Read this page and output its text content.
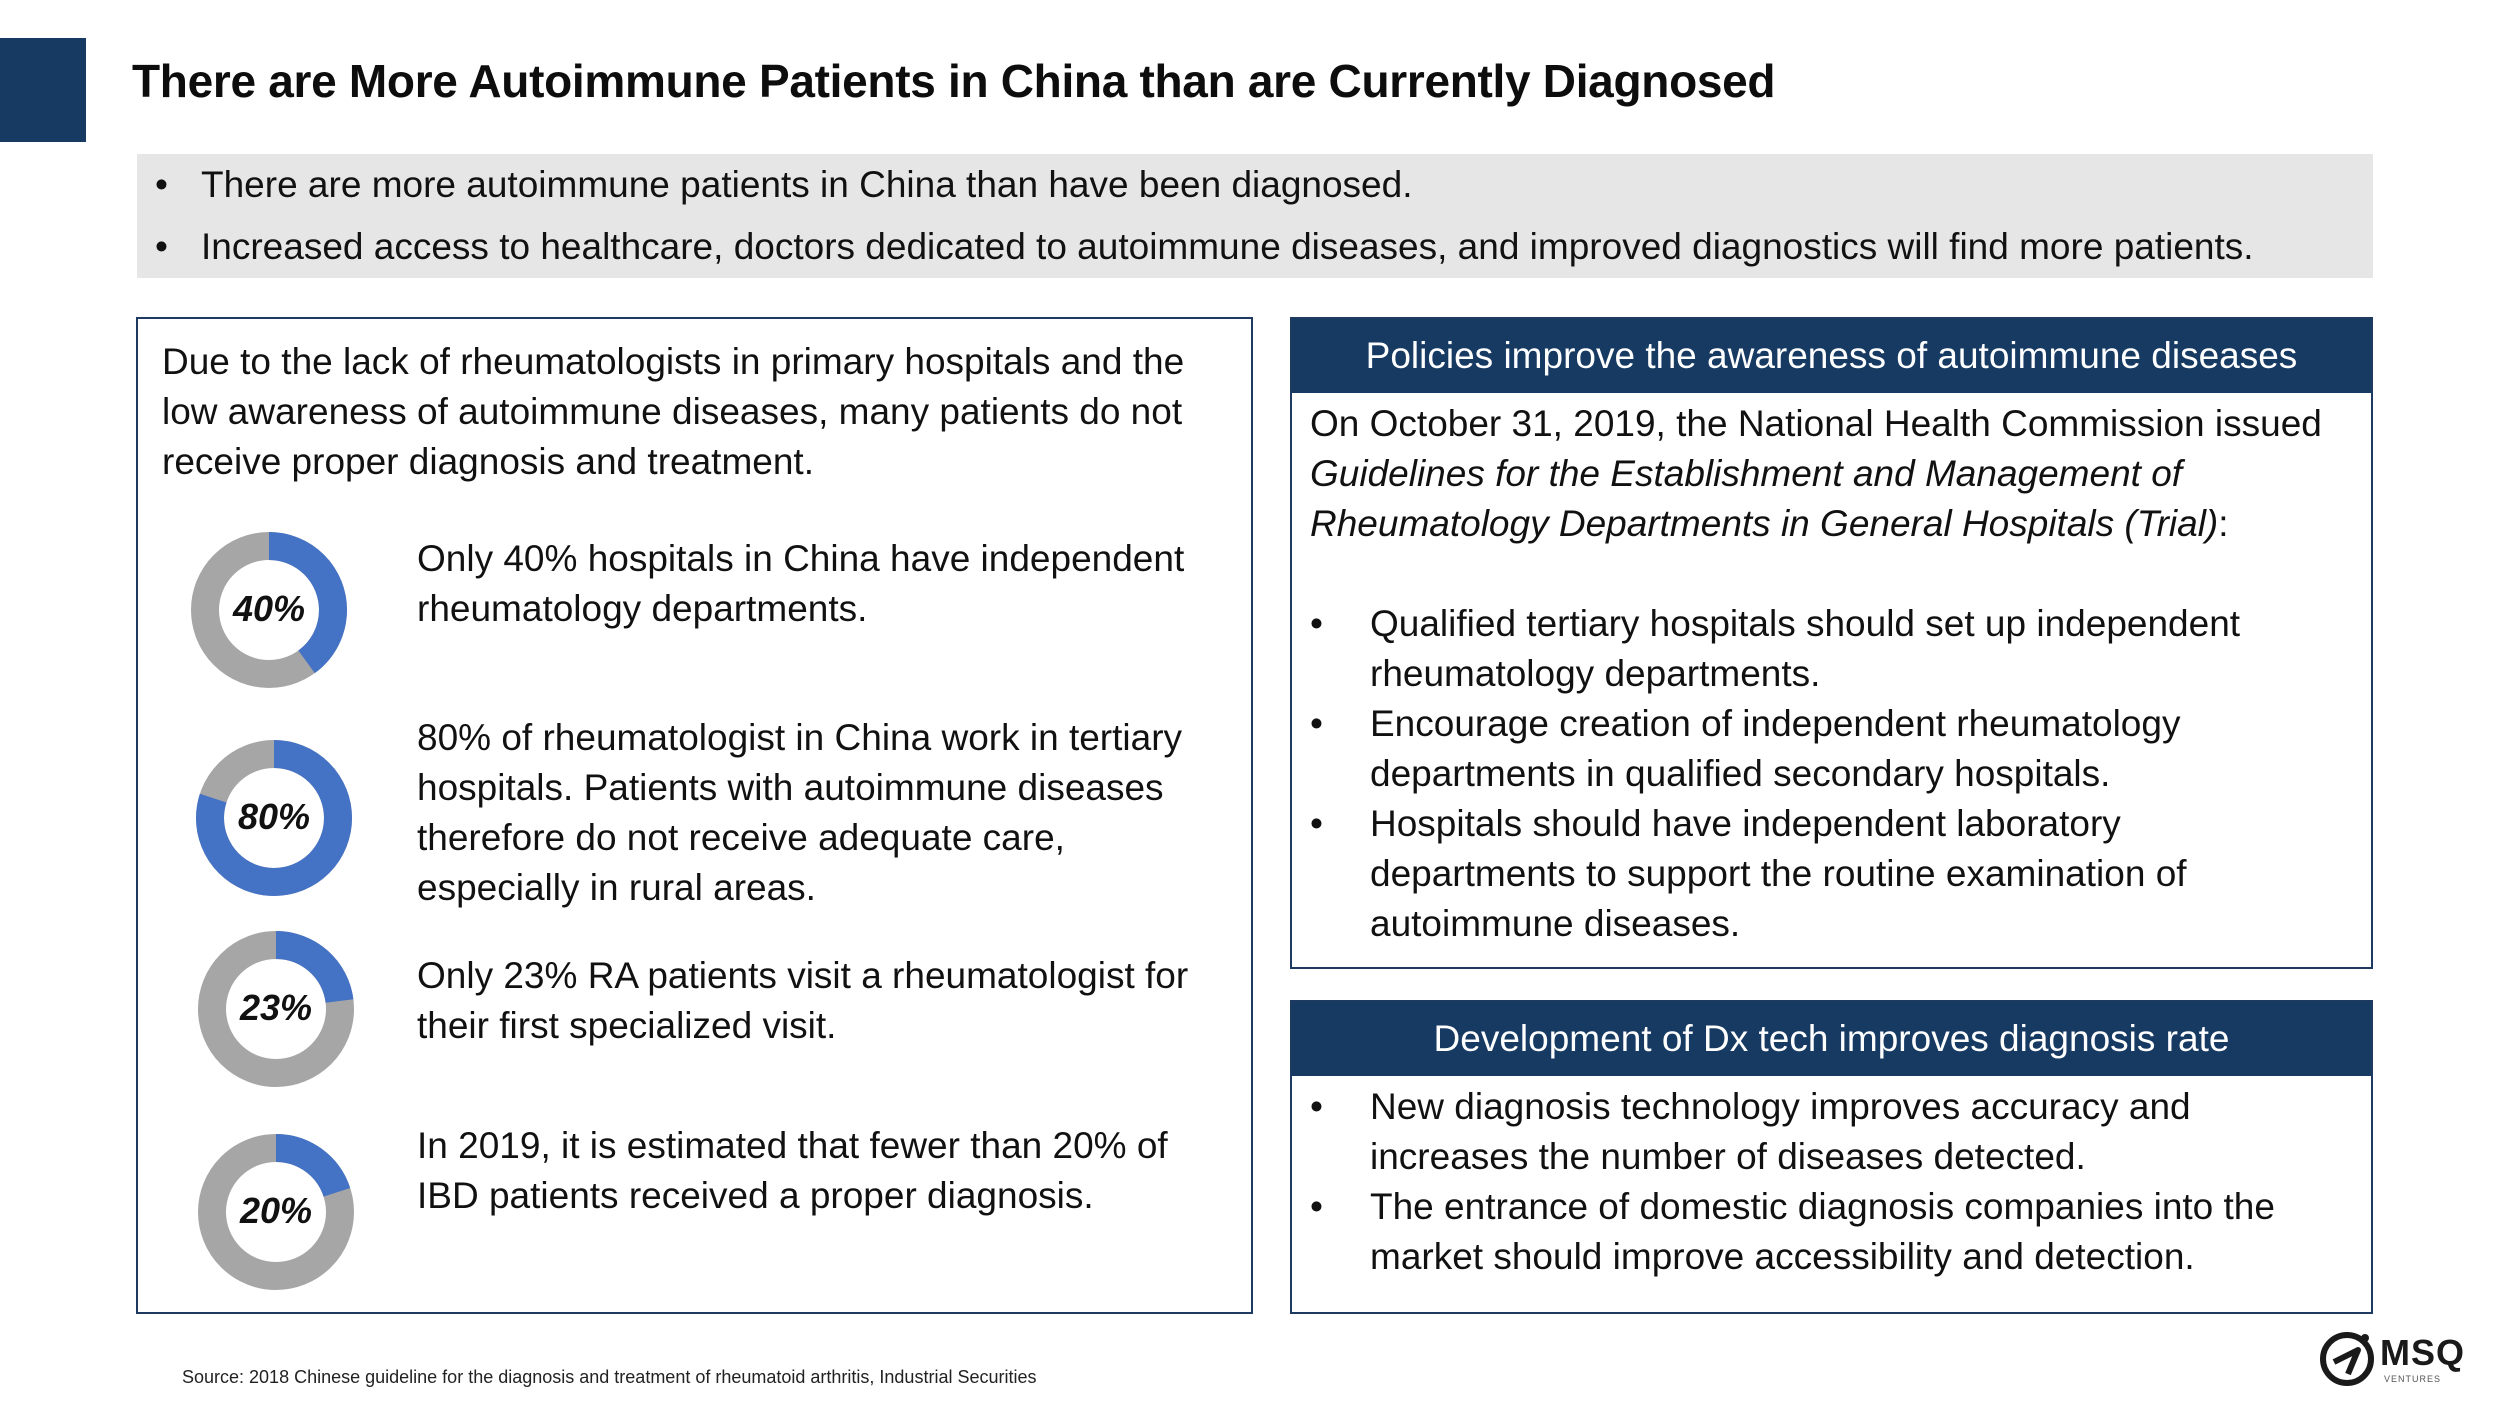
There are More Autoimmune Patients in China than are Currently Diagnosed
• There are more autoimmune patients in China than have been diagnosed.
• Increased access to healthcare, doctors dedicated to autoimmune diseases, and improved diagnostics will find more patients.
Due to the lack of rheumatologists in primary hospitals and the low awareness of autoimmune diseases, many patients do not receive proper diagnosis and treatment.
40%
Only 40% hospitals in China have independent rheumatology departments.
80%
80% of rheumatologist in China work in tertiary hospitals. Patients with autoimmune diseases therefore do not receive adequate care, especially in rural areas.
23%
Only 23% RA patients visit a rheumatologist for their first specialized visit.
20%
In 2019, it is estimated that fewer than 20% of IBD patients received a proper diagnosis.
Policies improve the awareness of autoimmune diseases
On October 31, 2019, the National Health Commission issued Guidelines for the Establishment and Management of Rheumatology Departments in General Hospitals (Trial):
• Qualified tertiary hospitals should set up independent rheumatology departments.
• Encourage creation of independent rheumatology departments in qualified secondary hospitals.
• Hospitals should have independent laboratory departments to support the routine examination of autoimmune diseases.
Development of Dx tech improves diagnosis rate
• New diagnosis technology improves accuracy and increases the number of diseases detected.
• The entrance of domestic diagnosis companies into the market should improve accessibility and detection.
Source: 2018 Chinese guideline for the diagnosis and treatment of rheumatoid arthritis, Industrial Securities
MSQ
VENTURES
